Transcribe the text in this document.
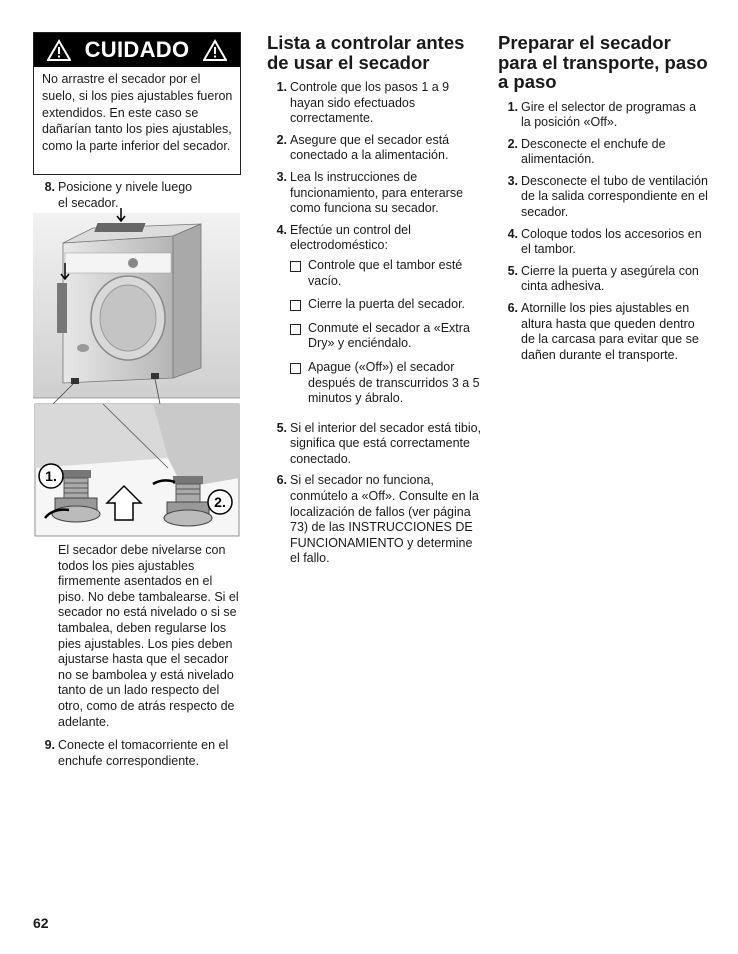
CUIDADO
No arrastre el secador por el suelo, si los pies ajustables fueron extendidos. En este caso se dañarían tanto los pies ajustables, como la parte inferior del secador.
8. Posicione y nivele luego el secador.
1.
2.
El secador debe nivelarse con todos los pies ajustables firmemente asentados en el piso. No debe tambalearse. Si el secador no está nivelado o si se tambalea, deben regularse los pies ajustables. Los pies deben ajustarse hasta que el secador no se bambolea y está nivelado tanto de un lado respecto del otro, como de atrás respecto de adelante.
9. Conecte el tomacorriente en el enchufe correspondiente.
Lista a controlar antes de usar el secador
1. Controle que los pasos 1 a 9 hayan sido efectuados correctamente.
2. Asegure que el secador está conectado a la alimentación.
3. Lea ls instrucciones de funcionamiento, para enterarse como funciona su secador.
4. Efectúe un control del electrodoméstico:
Controle que el tambor esté vacío.
Cierre la puerta del secador.
Conmute el secador a «Extra Dry» y enciéndalo.
Apague («Off») el secador después de transcurridos 3 a 5 minutos y ábralo.
5. Si el interior del secador está tibio, significa que está correctamente conectado.
6. Si el secador no funciona, conmútelo a «Off». Consulte en la localización de fallos (ver página 73) de las INSTRUCCIONES DE FUNCIONAMIENTO y determine el fallo.
Preparar el secador para el transporte, paso a paso
1. Gire el selector de programas a la posición «Off».
2. Desconecte el enchufe de alimentación.
3. Desconecte el tubo de ventilación de la salida correspondiente en el secador.
4. Coloque todos los accesorios en el tambor.
5. Cierre la puerta y asegúrela con cinta adhesiva.
6. Atornille los pies ajustables en altura hasta que queden dentro de la carcasa para evitar que se dañen durante el transporte.
62
